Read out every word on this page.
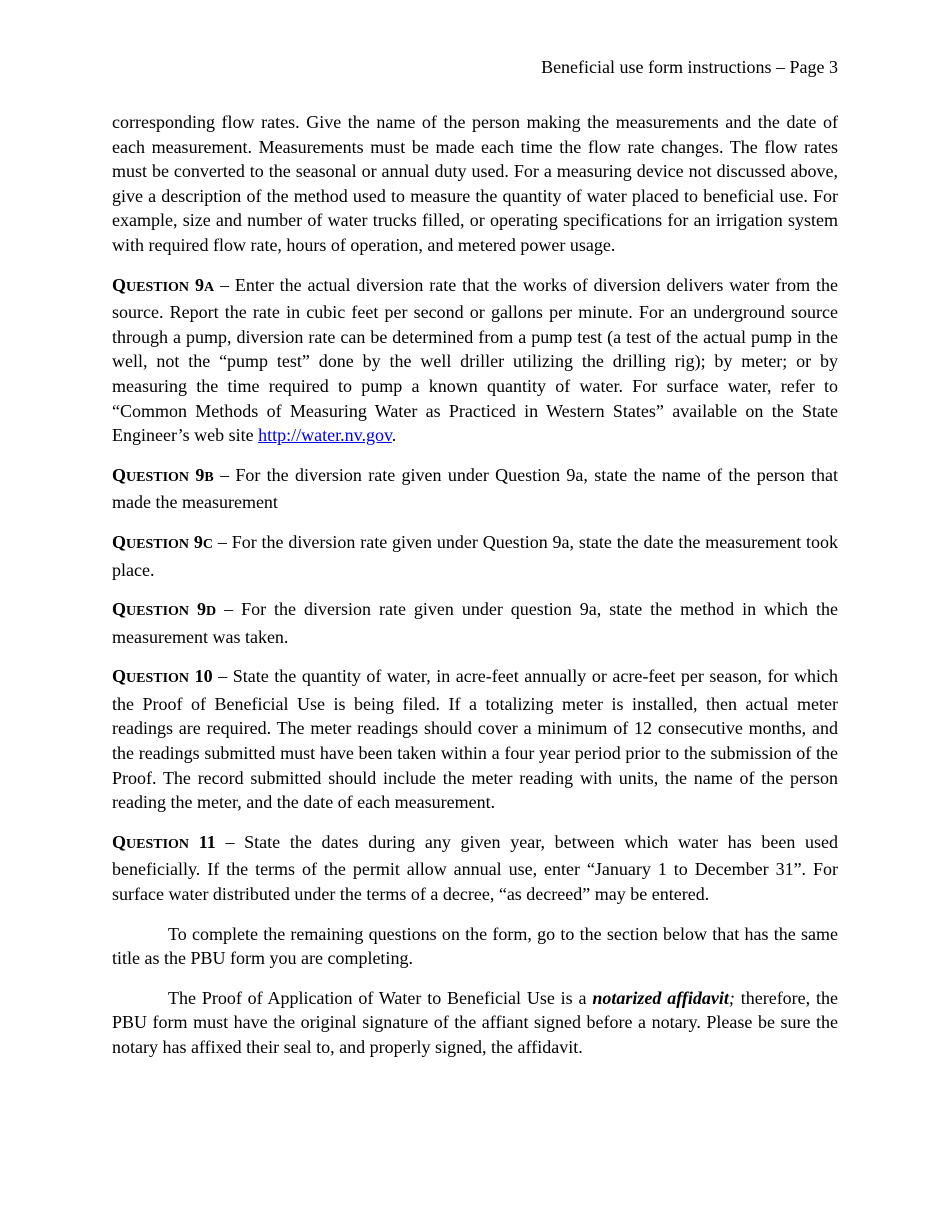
Beneficial use form instructions – Page 3

corresponding flow rates. Give the name of the person making the measurements and the date of each measurement. Measurements must be made each time the flow rate changes. The flow rates must be converted to the seasonal or annual duty used. For a measuring device not discussed above, give a description of the method used to measure the quantity of water placed to beneficial use. For example, size and number of water trucks filled, or operating specifications for an irrigation system with required flow rate, hours of operation, and metered power usage.

QUESTION 9A – Enter the actual diversion rate that the works of diversion delivers water from the source. Report the rate in cubic feet per second or gallons per minute. For an underground source through a pump, diversion rate can be determined from a pump test (a test of the actual pump in the well, not the “pump test” done by the well driller utilizing the drilling rig); by meter; or by measuring the time required to pump a known quantity of water. For surface water, refer to “Common Methods of Measuring Water as Practiced in Western States” available on the State Engineer’s web site http://water.nv.gov.

QUESTION 9B – For the diversion rate given under Question 9a, state the name of the person that made the measurement

QUESTION 9C – For the diversion rate given under Question 9a, state the date the measurement took place.

QUESTION 9D – For the diversion rate given under question 9a, state the method in which the measurement was taken.

QUESTION 10 – State the quantity of water, in acre-feet annually or acre-feet per season, for which the Proof of Beneficial Use is being filed. If a totalizing meter is installed, then actual meter readings are required. The meter readings should cover a minimum of 12 consecutive months, and the readings submitted must have been taken within a four year period prior to the submission of the Proof. The record submitted should include the meter reading with units, the name of the person reading the meter, and the date of each measurement.

QUESTION 11 – State the dates during any given year, between which water has been used beneficially. If the terms of the permit allow annual use, enter “January 1 to December 31”. For surface water distributed under the terms of a decree, “as decreed” may be entered.

To complete the remaining questions on the form, go to the section below that has the same title as the PBU form you are completing.

The Proof of Application of Water to Beneficial Use is a notarized affidavit; therefore, the PBU form must have the original signature of the affiant signed before a notary. Please be sure the notary has affixed their seal to, and properly signed, the affidavit.
